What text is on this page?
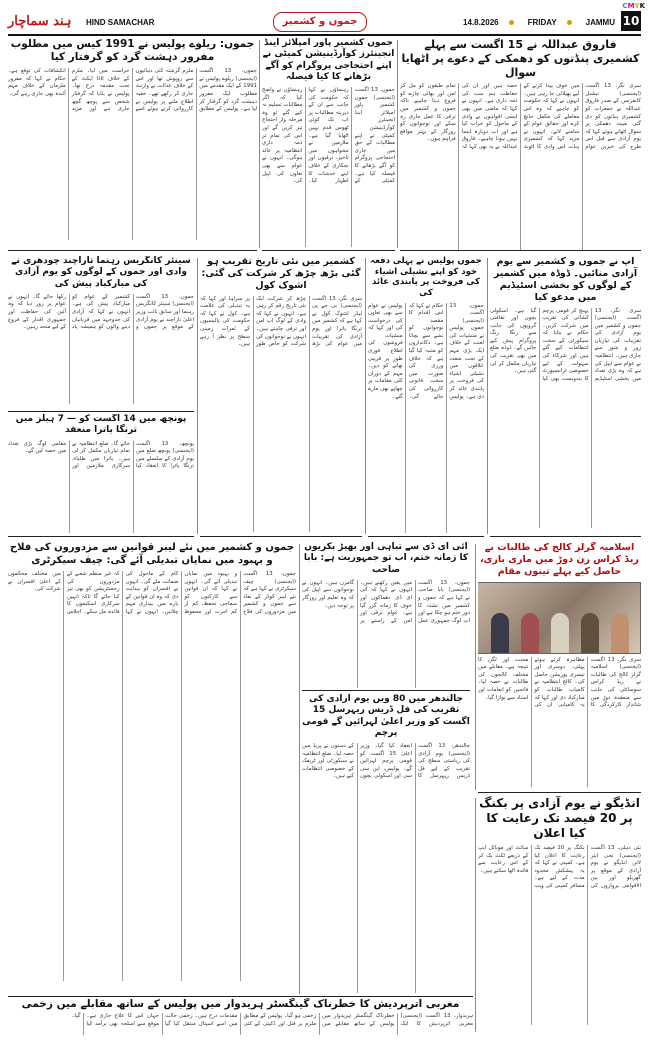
CMYK
ہند سماچار HIND SAMACHAR	جموں و کشمیر	14.8.2026	FRIDAY	JAMMU 10
فاروق عبداللہ نے 15 اگست سے پہلے کشمیری پنڈتوں کو دھمکی کے دعوے پر اٹھایا سوال
سری نگر، 13 اگست (ایجنسی) نیشنل کانفرنس کے صدر فاروق عبداللہ نے جمعرات کو کشمیری پنڈتوں کو دی گئی مبینہ دھمکی پر سوال اٹھاتے ہوئے کہا کہ یوم آزادی سے قبل اس طرح کی خبریں عوام میں خوف پیدا کرنے کے لیے پھیلائی جا رہی ہیں۔ انہوں نے کہا کہ حکومت کو چاہیے کہ وہ اس معاملے کی مکمل جانچ کرے اور حقائق عوام کے سامنے لائے۔ انہوں نے مزید کہا کہ کشمیری پنڈت اس وادی کا اٹوٹ حصہ ہیں اور ان کی حفاظت ہم سب کی ذمہ داری ہے۔ انہوں نے کہا کہ ماضی میں بھی ایسی افواہوں نے وادی کے ماحول کو خراب کیا ہے اور اب دوبارہ ایسا نہیں ہونا چاہیے۔ فاروق عبداللہ نے یہ بھی کہا کہ تمام طبقوں کو مل کر امن اور بھائی چارے کو فروغ دینا چاہیے تاکہ جموں و کشمیر میں ترقی کا عمل جاری رہ سکے اور نوجوانوں کو روزگار کے بہتر مواقع فراہم ہوں۔
جموں کشمیر پاور امپلائز اینڈ انجینئرز کوآرڈینیشن کمیٹی نے اپنے احتجاجی پروگرام کو آگے بڑھانے کا کیا فیصلہ
جموں، 13 اگست (ایجنسی) جموں کشمیر پاور امپلائز اینڈ انجینئرز کوآرڈینیشن کمیٹی نے اپنے مطالبات کے حق میں جاری احتجاجی پروگرام کو آگے بڑھانے کا فیصلہ کیا ہے۔ کمیٹی کے رہنماؤں نے کہا کہ حکومت کی جانب سے ان کے دیرینہ مطالبات پر اب تک کوئی ٹھوس قدم نہیں اٹھایا گیا ہے۔ ملازمین نے تنخواہوں میں تاخیر، ترقیوں اور نجکاری کے خلاف اپنے خدشات کا اظہار کیا۔ رہنماؤں نے واضح کیا کہ اگر مطالبات تسلیم نہ کیے گئے تو وہ مرحلہ وار احتجاج تیز کریں گے اور اس کی تمام تر ذمہ داری انتظامیہ پر عائد ہوگی۔ انہوں نے عوام سے بھی تعاون کی اپیل کی۔
جموں: ریلوے پولیس نے 1991 کیس میں مطلوب مفرور دہشت گرد کو گرفتار کیا
جموں، 13 اگست (ایجنسی) ریلوے پولیس نے 1991 کے ایک مقدمے میں مطلوب ایک مفرور دہشت گرد کو گرفتار کر لیا ہے۔ پولیس کے مطابق ملزم گزشتہ کئی دہائیوں سے روپوش تھا اور اس کے خلاف عدالت نے وارنٹ جاری کر رکھے تھے۔ خفیہ اطلاع ملنے پر پولیس نے کارروائی کرتے ہوئے اسے حراست میں لیا۔ ملزم کے خلاف ٹاڈا ایکٹ کے تحت مقدمہ درج تھا۔ پولیس نے بتایا کہ گرفتار شخص سے پوچھ گچھ جاری ہے اور مزید انکشافات کی توقع ہے۔ حکام نے کہا کہ مفرور ملزمان کے خلاف مہم آئندہ بھی جاری رہے گی۔
آپ نے جموں و کشمیر سے یوم آزادی منائیں۔ ڈوڈہ میں کشمیر کے لوگوں کو بخشی اسٹیڈیم میں مدعو کیا
سری نگر، 13 اگست (ایجنسی) جموں و کشمیر میں یوم آزادی کی تقریبات کی تیاریاں زور و شور سے جاری ہیں۔ انتظامیہ نے عوام سے اپیل کی ہے کہ وہ بڑی تعداد میں بخشی اسٹیڈیم پہنچ کر قومی پرچم کشائی کی تقریب میں شرکت کریں۔ حکام نے بتایا کہ سیکورٹی کے سخت انتظامات کیے گئے ہیں اور شرکاء کی سہولت کے لیے خصوصی ٹرانسپورٹ کا بندوبست بھی کیا گیا ہے۔ اسکولی بچوں اور ثقافتی گروپوں کی جانب سے رنگا رنگ پروگرام پیش کیے جائیں گے۔ ڈوڈہ ضلع میں بھی تقریب کی تیاریاں مکمل کر لی گئی ہیں۔
جموں پولیس نے پہلی دفعہ خود کو اپنے نشیلی اشیاء کی فروخت پر پابندی عائد کی
جموں، 13 اگست (ایجنسی) جموں پولیس نے منشیات کی لعنت کے خلاف ایک بڑی مہم کے تحت متعدد علاقوں میں نشیلی اشیاء کی فروخت پر پابندی عائد کر دی ہے۔ پولیس حکام نے کہا کہ اس اقدام کا مقصد نوجوانوں کو نشے سے بچانا ہے۔ دکانداروں کو متنبہ کیا گیا ہے کہ خلاف ورزی کی صورت میں سخت قانونی کارروائی کی جائے گی۔ پولیس نے عوام سے بھی تعاون کی درخواست کی اور کہا کہ منشیات فروشوں کی اطلاع فوری طور پر قریبی تھانے کو دیں۔ مہم کے دوران کئی مقامات پر چھاپے بھی مارے گئے۔
کشمیر میں نئی تاریخ تقریب ہو گئی بڑھ چڑھ کر شرکت کی گئی: اشوک کول
سری نگر، 13 اگست (ایجنسی) بی جے پی لیڈر اشوک کول نے کہا ہے کہ کشمیر میں ترنگا یاترا اور یوم آزادی کی تقریبات میں عوام کی بڑھ چڑھ کر شرکت ایک نئی تاریخ رقم کر رہی ہے۔ انہوں نے کہا کہ وادی کے لوگ اب امن اور ترقی چاہتے ہیں۔ انہوں نے نوجوانوں کی شرکت کو خاص طور پر سراہا اور کہا کہ یہ تبدیلی کی علامت ہے۔ کول نے کہا کہ حکومت کی پالیسیوں کے ثمرات زمینی سطح پر نظر آ رہے ہیں۔
سینئر کانگریس رہنما تاراچند چودھری نے وادی اور جموں کے لوگوں کو یوم آزادی کی مبارکباد پیش کی
جموں، 13 اگست (ایجنسی) سینئر کانگریس رہنما اور سابق نائب وزیر اعلیٰ تاراچند نے یوم آزادی کے موقع پر جموں و کشمیر کے عوام کو مبارکباد پیش کی ہے۔ انہوں نے کہا کہ آزادی کی جدوجہد میں قربانیاں دینے والوں کو ہمیشہ یاد رکھا جائے گا۔ انہوں نے عوام پر زور دیا کہ وہ آئین کی حفاظت اور جمہوری اقدار کے فروغ کے لیے متحد رہیں۔
پونچھ میں 14 اگست کو — 7 ہیلز میں ترنگا یاترا منعقد
پونچھ، 13 اگست (ایجنسی) پونچھ ضلع میں یوم آزادی کے سلسلے میں ترنگا یاترا کا انعقاد کیا جائے گا۔ ضلع انتظامیہ نے تمام تیاریاں مکمل کر لی ہیں۔ یاترا میں طلباء، سرکاری ملازمین اور مقامی لوگ بڑی تعداد میں حصہ لیں گے۔
اسلامیہ گرلز کالج کی طالبات نے ریڈ کراس رن دوڑ میں ماری بازی، حاصل کیے پہلے تینوں مقام
سری نگر، 13 اگست (ایجنسی) اسلامیہ گرلز کالج کی طالبات نے ریڈ کراس سوسائٹی کی جانب سے منعقدہ دوڑ میں شاندار کارکردگی کا مظاہرہ کرتے ہوئے پہلی، دوسری اور تیسری پوزیشن حاصل کی۔ کالج انتظامیہ نے کامیاب طالبات کو مبارکباد دی اور کہا کہ یہ کامیابی ان کی محنت اور لگن کا نتیجہ ہے۔ مقابلے میں مختلف کالجوں کی طالبات نے حصہ لیا۔ فاتحین کو انعامات اور اسناد سے نوازا گیا۔
آئی ای ڈی سے تباہی اور بھیڑ بکریوں کا زمانہ ختم، اب تو جمہوریت ہے: بابا صاحب
جموں، 13 اگست (ایجنسی) بابا صاحب نے کہا ہے کہ جموں و کشمیر میں تشدد کا دور ختم ہو چکا ہے اور اب لوگ جمہوری عمل میں یقین رکھتے ہیں۔ انہوں نے کہا کہ آئی ای ڈی دھماکوں اور خوف کا زمانہ گزر گیا ہے۔ عوام ترقی اور امن کے راستے پر گامزن ہیں۔ انہوں نے نوجوانوں سے اپیل کی کہ وہ تعلیم اور روزگار پر توجہ دیں۔
جالندھر میں 80 ویں یوم آزادی کی تقریب کی فل ڈریس ریہرسل 15 اگست کو وزیر اعلیٰ لہرائیں گے قومی پرچم
جالندھر، 13 اگست (ایجنسی) یوم آزادی کی ریاستی سطح کی تقریب کے لیے فل ڈریس ریہرسل کا انعقاد کیا گیا۔ وزیر اعلیٰ 15 اگست کو قومی پرچم لہرائیں گے۔ پولیس، این سی سی اور اسکولی بچوں کے دستوں نے پریڈ میں حصہ لیا۔ ضلع انتظامیہ نے سیکورٹی اور ٹریفک کے خصوصی انتظامات کیے ہیں۔
جموں و کشمیر میں نئے لیبر قوانین سے مزدوروں کی فلاح و بہبود میں نمایاں تبدیلی آئے گی: چیف سیکرٹری
جموں، 13 اگست (ایجنسی) چیف سیکرٹری نے کہا ہے کہ نئے لیبر کوڈز کے نفاذ سے جموں و کشمیر میں مزدوروں کی فلاح و بہبود میں نمایاں تبدیلی آئے گی۔ انہوں نے کہا کہ ان قوانین سے کارکنوں کو سماجی تحفظ، کم از کم اجرت اور محفوظ کام کے ماحول کی ضمانت ملے گی۔ انہوں نے افسران کو ہدایت دی کہ وہ ان قوانین کے بارے میں بیداری مہم چلائیں۔ انہوں نے کہا کہ غیر منظم شعبے کے مزدوروں کی رجسٹریشن کو بھی تیز کیا جائے گا تاکہ انہیں سرکاری اسکیموں کا فائدہ مل سکے۔ اجلاس میں مختلف محکموں کے اعلیٰ افسران نے شرکت کی۔
انڈیگو نے یوم آزادی پر بکنگ پر 20 فیصد تک رعایت کا کیا اعلان
نئی دہلی، 13 اگست (ایجنسی) نجی ایئر لائن انڈیگو نے یوم آزادی کے موقع پر گھریلو اور بین الاقوامی پروازوں کی بکنگ پر 20 فیصد تک رعایت کا اعلان کیا ہے۔ کمپنی نے کہا کہ یہ پیشکش محدود مدت کے لیے ہے۔ مسافر کمپنی کی ویب سائٹ اور موبائل ایپ کے ذریعے ٹکٹ بک کر کے اس رعایت سے فائدہ اٹھا سکتے ہیں۔
مغربی اترپردیش کا خطرناک گینگسٹر ہریدوار میں پولیس کے ساتھ مقابلے میں زخمی
ہریدوار، 13 اگست (ایجنسی) مغربی اترپردیش کا ایک خطرناک گینگسٹر ہریدوار میں پولیس کے ساتھ مقابلے میں زخمی ہو گیا۔ پولیس کے مطابق ملزم پر قتل اور ڈکیتی کے کئی مقدمات درج ہیں۔ زخمی حالت میں اسے اسپتال منتقل کیا گیا جہاں اس کا علاج جاری ہے۔ موقع سے اسلحہ بھی برآمد کیا گیا۔
